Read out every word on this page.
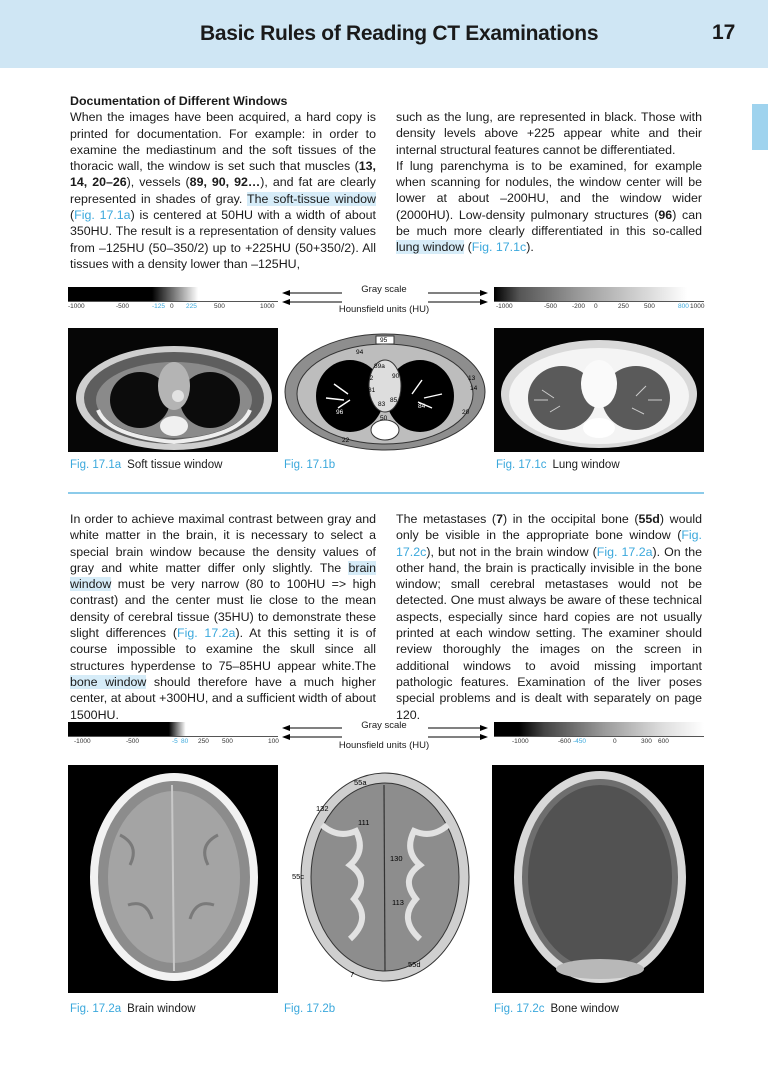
Basic Rules of Reading CT Examinations	17
Documentation of Different Windows

When the images have been acquired, a hard copy is printed for documentation. For example: in order to examine the mediastinum and the soft tissues of the thoracic wall, the window is set such that muscles (13, 14, 20–26), vessels (89, 90, 92…), and fat are clearly represented in shades of gray. The soft-tissue window (Fig. 17.1a) is centered at 50HU with a width of about 350HU. The result is a representation of density values from –125HU (50–350/2) up to +225HU (50+350/2). All tissues with a density lower than –125HU,

such as the lung, are represented in black. Those with density levels above +225 appear white and their internal structural features cannot be differentiated.

If lung parenchyma is to be examined, for example when scanning for nodules, the window center will be lower at about –200HU, and the window wider (2000HU). Low-density pulmonary structures (96) can be much more clearly differentiated in this so-called lung window (Fig. 17.1c).

-1000	-500	-125 0 225	500	1000
Gray scale
Hounsfield units (HU)	-1000	-500 -200 0	250 500	800 1000
94
95
89a
90
92
81
13
14
82 83
85
96	104
50
84
20
22
Fig. 17.1a Soft tissue window	Fig. 17.1b	Fig. 17.1c Lung window

In order to achieve maximal contrast between gray and white matter in the brain, it is necessary to select a special brain window because the density values of gray and white matter differ only slightly. The brain window must be very narrow (80 to 100HU => high contrast) and the center must lie close to the mean density of cerebral tissue (35HU) to demonstrate these slight differences (Fig. 17.2a). At this setting it is of course impossible to examine the skull since all structures hyperdense to 75–85HU appear white.The bone window should therefore have a much higher center, at about +300HU, and a sufficient width of about 1500HU.

The metastases (7) in the occipital bone (55d) would only be visible in the appropriate bone window (Fig. 17.2c), but not in the brain window (Fig. 17.2a). On the other hand, the brain is practically invisible in the bone window; small cerebral metastases would not be detected. One must always be aware of these technical aspects, especially since hard copies are not usually printed at each window setting. The examiner should review thoroughly the images on the screen in additional windows to avoid missing important pathologic features. Examination of the liver poses special problems and is dealt with separately on page 120.

-1000	-500	-5 80 250 500	100
Gray scale
Hounsfield units (HU)	-1000	-600 -450	0	300 600
55a
132
111
130
55c
113
7
55d
Fig. 17.2a Brain window	Fig. 17.2b	Fig. 17.2c Bone window
